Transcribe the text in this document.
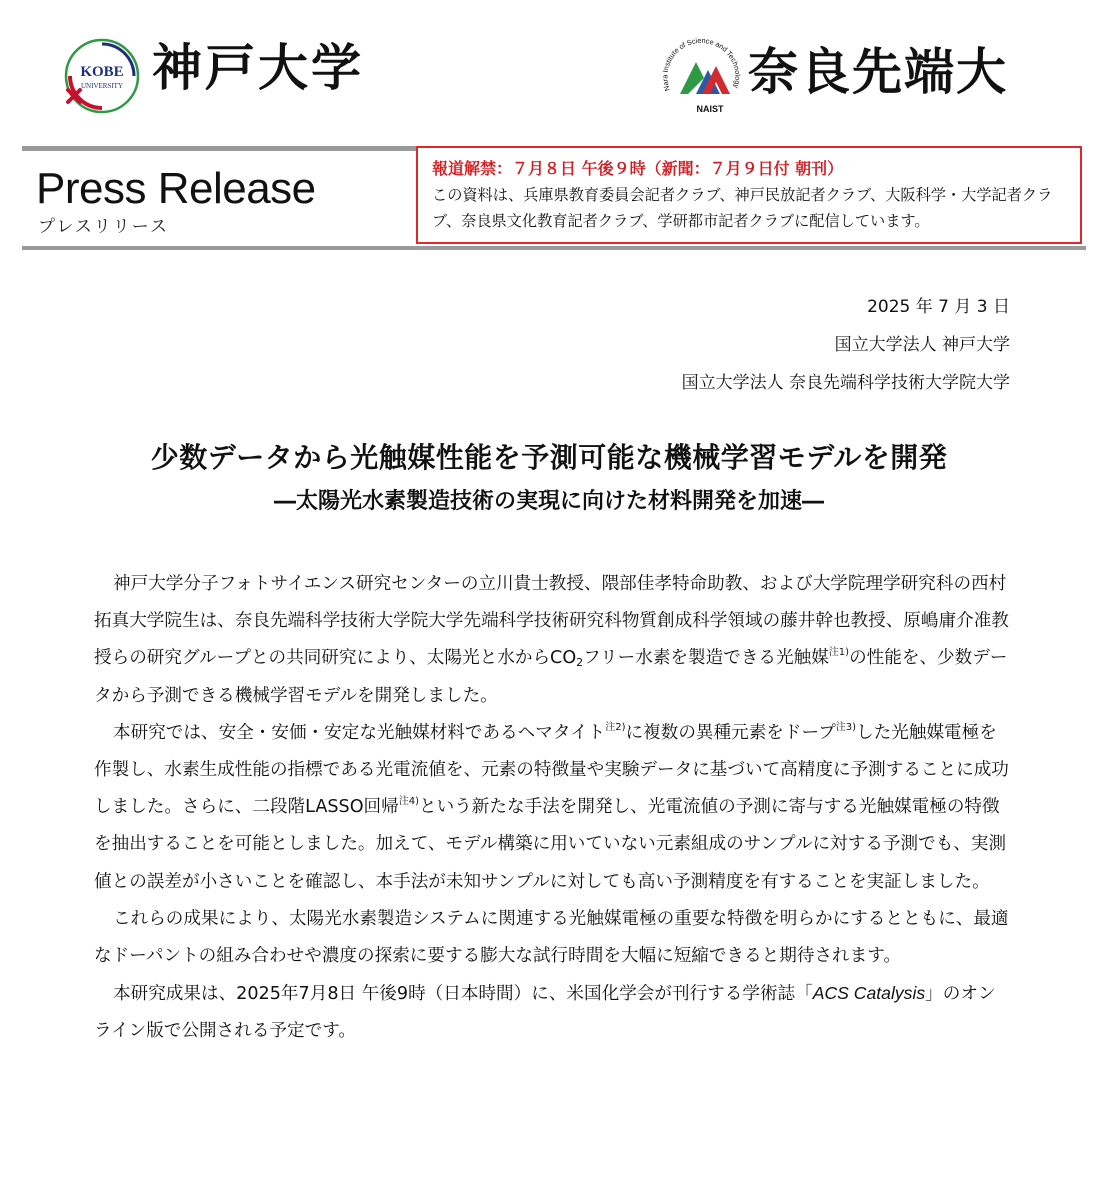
KOBE
UNIVERSITY 神戸大学	Nara Institute of Science and Technology
NAIST
奈良先端大
Press Release
プレスリリース
報道解禁：７月８日 午後９時（新聞：７月９日付 朝刊）
この資料は、兵庫県教育委員会記者クラブ、神戸民放記者クラブ、大阪科学・大学記者クラブ、奈良県文化教育記者クラブ、学研都市記者クラブに配信しています。
2025 年 7 月 3 日
国立大学法人 神戸大学
国立大学法人 奈良先端科学技術大学院大学
少数データから光触媒性能を予測可能な機械学習モデルを開発
―太陽光水素製造技術の実現に向けた材料開発を加速―
神戸大学分子フォトサイエンス研究センターの立川貴士教授、隈部佳孝特命助教、および大学院理学研究科の西村拓真大学院生は、奈良先端科学技術大学院大学先端科学技術研究科物質創成科学領域の藤井幹也教授、原嶋庸介准教授らの研究グループとの共同研究により、太陽光と水から$CO_2$フリー水素を製造できる光触媒$^{注1)}$の性能を、少数データから予測できる機械学習モデルを開発しました。
本研究では、安全・安価・安定な光触媒材料であるヘマタイト$^{注2)}$に複数の異種元素をドープ$^{注3)}$した光触媒電極を作製し、水素生成性能の指標である光電流値を、元素の特徴量や実験データに基づいて高精度に予測することに成功しました。さらに、二段階LASSO回帰$^{注4)}$という新たな手法を開発し、光電流値の予測に寄与する光触媒電極の特徴を抽出することを可能としました。加えて、モデル構築に用いていない元素組成のサンプルに対する予測でも、実測値との誤差が小さいことを確認し、本手法が未知サンプルに対しても高い予測精度を有することを実証しました。
これらの成果により、太陽光水素製造システムに関連する光触媒電極の重要な特徴を明らかにするとともに、最適なドーパントの組み合わせや濃度の探索に要する膨大な試行時間を大幅に短縮できると期待されます。
本研究成果は、2025年7月8日 午後9時（日本時間）に、米国化学会が刊行する学術誌「ACS Catalysis」のオンライン版で公開される予定です。
